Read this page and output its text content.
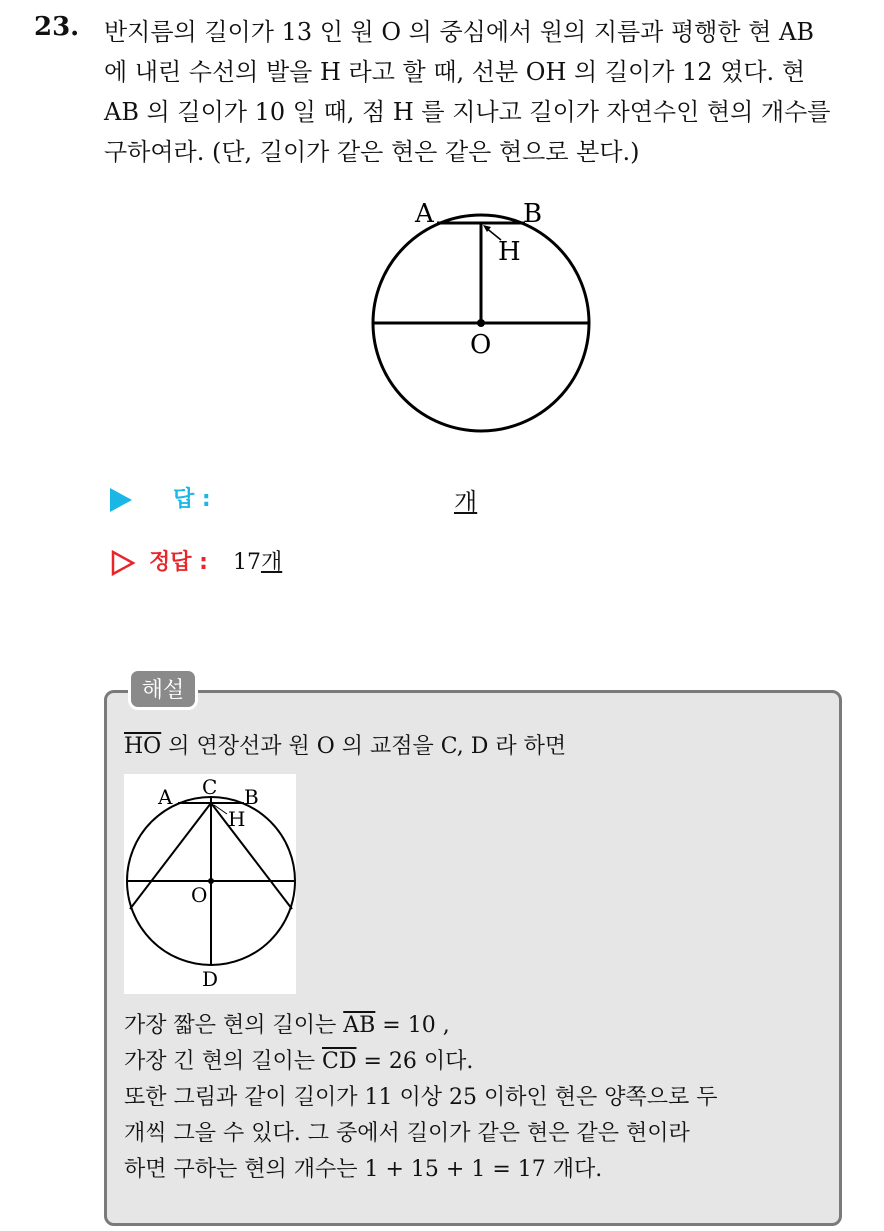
23. 반지름의 길이가 13 인 원 O 의 중심에서 원의 지름과 평행한 현 AB
에 내린 수선의 발을 H 라고 할 때, 선분 OH 의 길이가 12 였다. 현
AB 의 길이가 10 일 때, 점 H 를 지나고 길이가 자연수인 현의 개수를
구하여라. (단, 길이가 같은 현은 같은 현으로 본다.)
A	B
H
O
답 :	개
정답 : 17개
해설
$\overline{HO}$ 의 연장선과 원 O 의 교점을 C, D 라 하면
A C B
H
O
D
가장 짧은 현의 길이는 $\overline{AB} = 10$ ,
가장 긴 현의 길이는 $\overline{CD} = 26$ 이다.
또한 그림과 같이 길이가 11 이상 25 이하인 현은 양쪽으로 두
개씩 그을 수 있다. 그 중에서 길이가 같은 현은 같은 현이라
하면 구하는 현의 개수는 1 + 15 + 1 = 17 개다.
